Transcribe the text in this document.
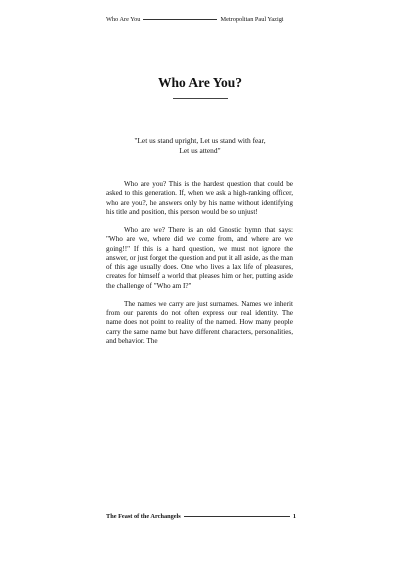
Who Are You	Metropolitan Paul Yazigi
Who Are You?
"Let us stand upright, Let us stand with fear,
Let us attend"

Who are you? This is the hardest question that could be asked to this generation. If, when we ask a high-ranking officer, who are you?, he answers only by his name without identifying his title and position, this person would be so unjust!

Who are we? There is an old Gnostic hymn that says: "Who are we, where did we come from, and where are we going!!" If this is a hard question, we must not ignore the answer, or just forget the question and put it all aside, as the man of this age usually does. One who lives a lax life of pleasures, creates for himself a world that pleases him or her, putting aside the challenge of "Who am I?"

The names we carry are just surnames. Names we inherit from our parents do not often express our real identity. The name does not point to reality of the named. How many people carry the same name but have different characters, personalities, and behavior. The

The Feast of the Archangels	1
